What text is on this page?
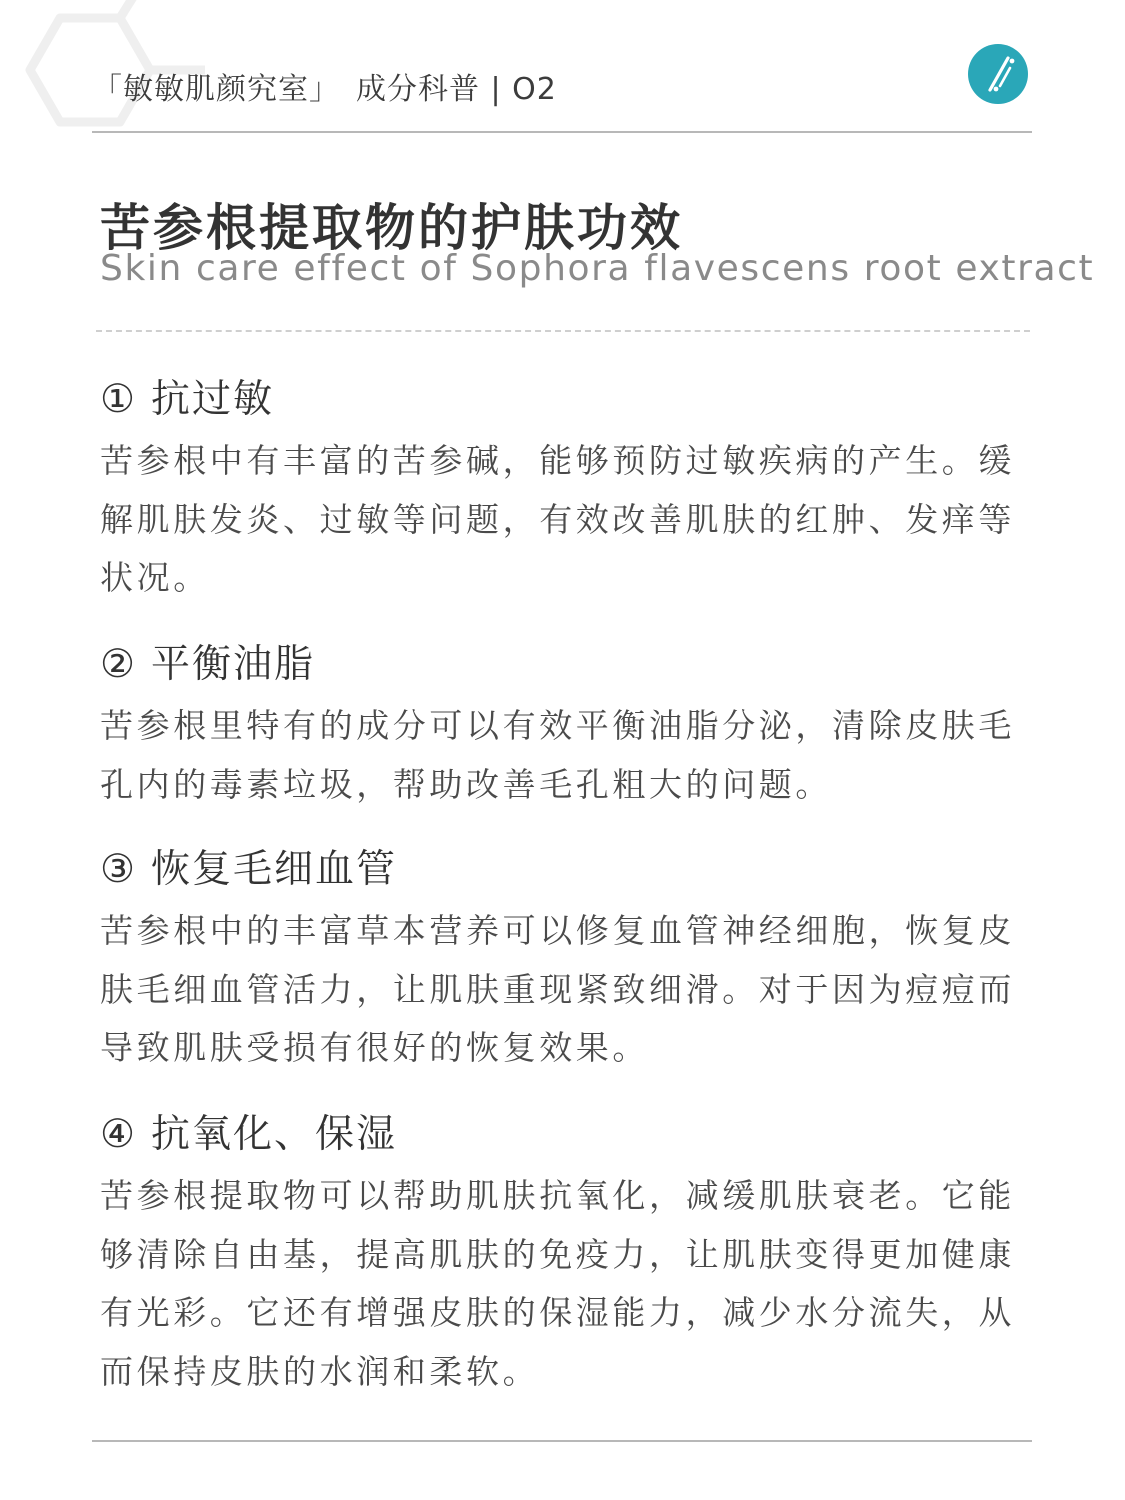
「敏敏肌颜究室」 成分科普 | O2
苦参根提取物的护肤功效
Skin care effect of Sophora flavescens root extract
① 抗过敏
苦参根中有丰富的苦参碱，能够预防过敏疾病的产生。缓解肌肤发炎、过敏等问题，有效改善肌肤的红肿、发痒等状况。
② 平衡油脂
苦参根里特有的成分可以有效平衡油脂分泌，清除皮肤毛孔内的毒素垃圾，帮助改善毛孔粗大的问题。
③ 恢复毛细血管
苦参根中的丰富草本营养可以修复血管神经细胞，恢复皮肤毛细血管活力，让肌肤重现紧致细滑。对于因为痘痘而导致肌肤受损有很好的恢复效果。
④ 抗氧化、保湿
苦参根提取物可以帮助肌肤抗氧化，减缓肌肤衰老。它能够清除自由基，提高肌肤的免疫力，让肌肤变得更加健康有光彩。它还有增强皮肤的保湿能力，减少水分流失，从而保持皮肤的水润和柔软。
